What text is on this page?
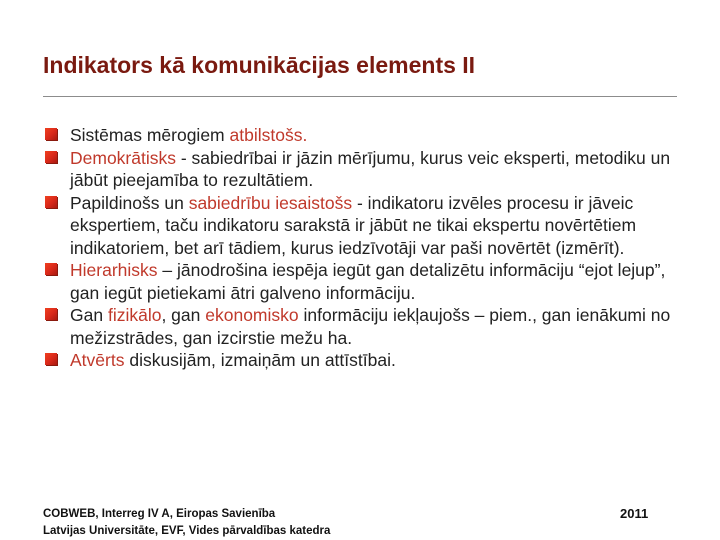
Indikators kā komunikācijas elements II
Sistēmas mērogiem atbilstošs.
Demokrātisks - sabiedrībai ir jāzin mērījumu, kurus veic eksperti, metodiku un jābūt pieejamība to rezultātiem.
Papildinošs un sabiedrību iesaistošs - indikatoru izvēles procesu ir jāveic ekspertiem, taču indikatoru sarakstā ir jābūt ne tikai ekspertu novērtētiem indikatoriem, bet arī tādiem, kurus iedzīvotāji var paši novērtēt (izmērīt).
Hierarhisks – jānodrošina iespēja iegūt gan detalizētu informāciju “ejot lejup”, gan iegūt pietiekami ātri galveno informāciju.
Gan fizikālo, gan ekonomisko informāciju iekļaujošs – piem., gan ienākumi no mežizstrādes, gan izcirstie mežu ha.
Atvērts diskusijām, izmaiņām un attīstībai.
COBWEB, Interreg IV A, Eiropas Savienība
Latvijas Universitāte, EVF, Vides pārvaldības katedra
2011
